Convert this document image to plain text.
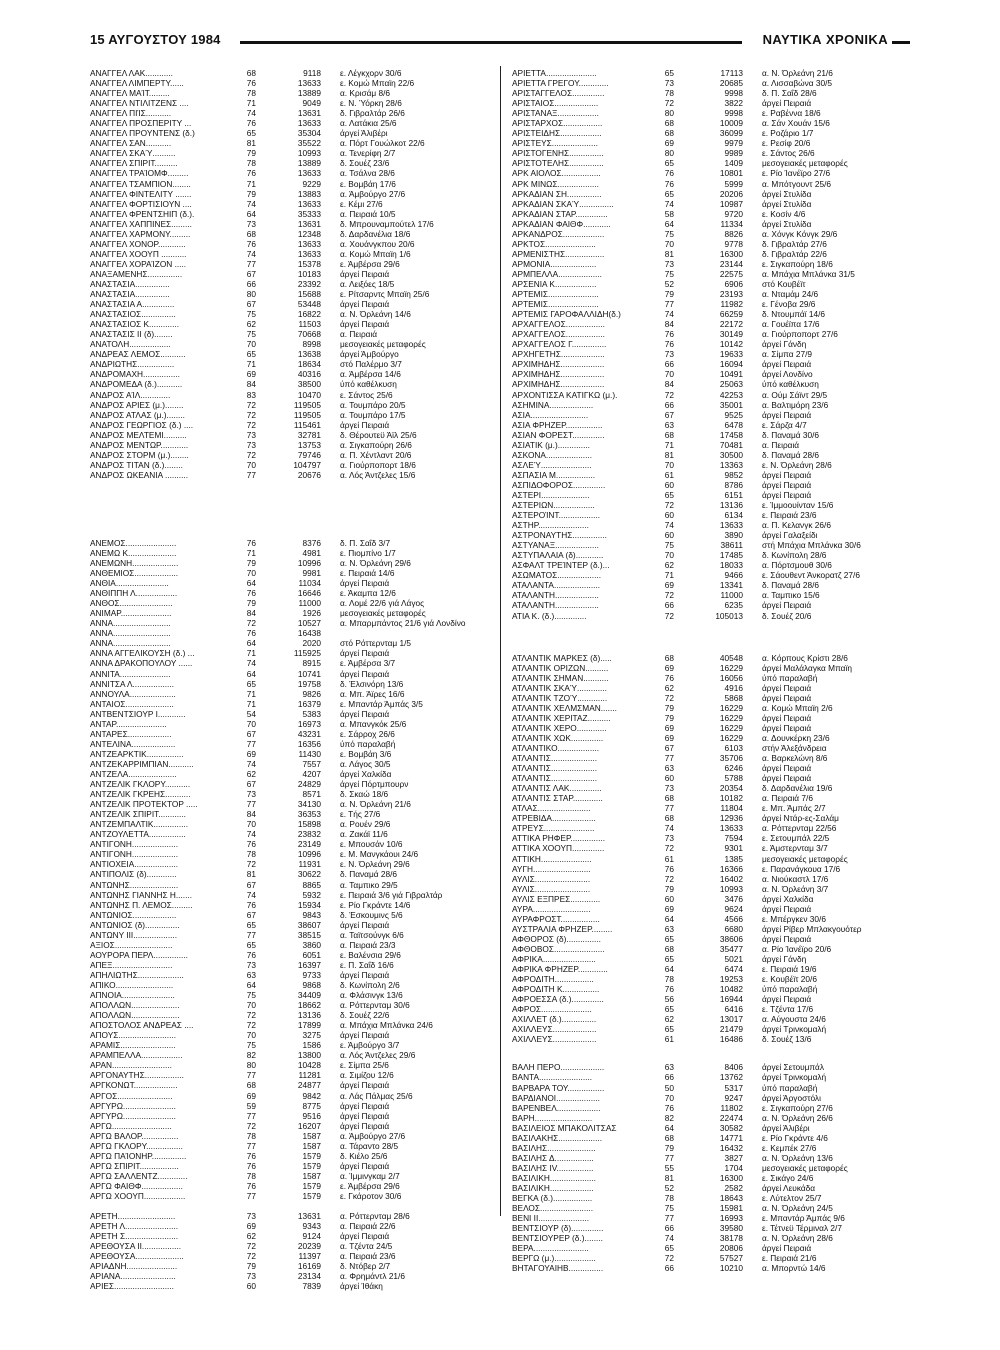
15 ΑΥΓΟΥΣΤΟΥ 1984	ΝΑΥΤΙΚΑ ΧΡΟΝΙΚΑ
ΑΝΑΓΓΕΛ ΛΑΚ............	68	9118 ε. Λέγκχορν 30/6
ΑΝΑΓΓΕΛ ΛΙΜΠΕΡΤΥ......	76	13633 ε. Κομώ Μπαϊη 22/6
ΑΝΑΓΓΕΛ ΜΑΊΤ.........	78	13889 α. Κρισάμ 8/6
ΑΝΑΓΓΕΛ ΝΤΙΛΙΤΖΕΝΣ ....	71	9049 ε. Ν. Ύόρκη 28/6
ΑΝΑΓΓΕΛ ΠΙΊΣ...........	74	13631 δ. Γιβραλτάρ 26/6
ΑΝΑΓΓΕΛ ΠΡΟΣΠΕΡΙΤΥ ...	76	13633 α. Λατάκια 25/6
ΑΝΑΓΓΕΛ ΠΡΟΥΝΤΕΝΣ (δ.)	65	35304 άργεί Άλιβέρι
ΑΝΑΓΓΕΛ ΣΑΝ...........	81	35522 α. Πόρτ Γουώλκοτ 22/6
ΑΝΑΓΓΕΛ ΣΚΑΎ..........	79	10993 α. Τενερίφη 2/7
ΑΝΑΓΓΕΛ ΣΠΙΡΙΤ..........	78	13889 δ. Σουέζ 23/6
ΑΝΑΓΓΕΛ ΤΡΑΊΟΜΦ.........	76	13633 α. Τσάλνα 28/6
ΑΝΑΓΓΕΛ ΤΣΑΜΠΙΟΝ........	71	9229 ε. Βομβάη 17/6
ΑΝΑΓΓΕΛ ΦΙΝΤΕΛΙΤΥ .......	79	13883 α. Άμβούργο 27/6
ΑΝΑΓΓΕΛ ΦΟΡΤΙΣΙΟΥΝ ....	74	13633 ε. Κέμι 27/6
ΑΝΑΓΓΕΛ ΦΡΕΝΤΣΗΙΠ (δ.).	64	35333 α. Πειραιά 10/5
ΑΝΑΓΓΕΛ ΧΑΠΠΙΝΕΣ.........	73	13631 δ. Μπρουναμπούτελ 17/6
ΑΝΑΓΓΕΛ ΧΑΡΜΟΝΥ.........	68	12348 δ. Δαρδανέλια 18/6
ΑΝΑΓΓΕΛ ΧΟΝΟΡ............	76	13633 α. Χουάνγκπου 20/6
ΑΝΑΓΓΕΛ ΧΟΟΥΠ ...........	74	13633 α. Κομώ Μπαϊη 1/6
ΑΝΑΓΓΕΛ ΧΟΡΑΊΖΟΝ .....	77	15378 ε. Άμβέρσα 29/6
ΑΝΑΞΑΜΕΝΗΣ...............	67	10183 άργεί Πειραιά
ΑΝΑΣΤΑΣΙΑ...............	66	23392 α. Λειξόες 18/5
ΑΝΑΣΤΑΣΙΑ...............	80	15688 ε. Ρίτσαρντς Μπαϊη 25/6
ΑΝΑΣΤΑΣΙΑ Α..............	67	53448 άργεί Πειραιά
ΑΝΑΣΤΑΣΙΟΣ...............	75	16822 α. Ν. Όρλεάνη 14/6
ΑΝΑΣΤΑΣΙΟΣ Κ.............	62	11503 άργεί Πειραιά
ΑΝΑΣΤΑΣΙΣ ΙΙ (δ)........	75	70668 α. Πειραιά
ΑΝΑΤΟΛΗ..................	70	8998 μεσογειακές μεταφορές
ΑΝΔΡΕΑΣ ΛΕΜΟΣ...........	65	13638 άργεί Άμβούργο
ΑΝΔΡΙΩΤΗΣ................	71	18634 στό Παλέρμο 3/7
ΑΝΔΡΟΜΑΧΗ................	69	40316 α. Άμβέρσα 14/6
ΑΝΔΡΟΜΕΔΑ (δ.)...........	84	38500 ύπό καθέλκυση
ΑΝΔΡΟΣ ΑΊΛ.............	83	10470 ε. Σάντος 25/6
ΑΝΔΡΟΣ ΑΡΙΕΣ (μ.)........	72	119505 α. Τουμπάρο 20/5
ΑΝΔΡΟΣ ΑΤΛΑΣ (μ.)........	72	119505 α. Τουμπάρο 17/5
ΑΝΔΡΟΣ ΓΕΩΡΓΙΟΣ (δ.) ....	72	115461 άργεί Πειραιά
ΑΝΔΡΟΣ ΜΕΛΤΕΜΙ..........	73	32781 δ. Θέρουτεϋ Άϊλ 25/6
ΑΝΔΡΟΣ ΜΕΝΤΩΡ............	73	13753 α. Σιγκαπούρη 26/6
ΑΝΔΡΟΣ ΣΤΟΡΜ (μ.)........	72	79746 α. Π. Χέντλαντ 20/6
ΑΝΔΡΟΣ ΤΙΤΑΝ (δ.)........	70	104797 α. Γιούρποπορτ 18/6
ΑΝΔΡΟΣ ΩΚΕΑΝΙΑ ..........	77	20676 α. Λός Άντζελες 15/6
ΑΝΕΜΟΣ......................	76	8376 δ. Π. Σαΐδ 3/7
ΑΝΕΜΩ Κ.....................	71	4981 ε. Πιομπίνο 1/7
ΑΝΕΜΩΝΗ....................	79	10996 α. Ν. Όρλεάνη 29/6
ΑΝΘΕΜΙΟΣ...................	70	9981 ε. Πειραιά 14/6
ΑΝΘΙΑ.......................	64	11034 άργεί Πειραιά
ΑΝΘΙΠΠΗ Λ..................	76	16646 ε. Άκαμπα 12/6
ΑΝΘΟΣ.......................	79	11000 α. Λομέ 22/6 γιά Λάγος
ΑΝΙΜΑΡ......................	84	1926 μεσογειακές μεταφορές
ΑΝΝΑ.........................	72	10527 α. Μπαρμπάντος 21/6 γιά Λονδίνο
ΑΝΝΑ.........................	76	16438
ΑΝΝΑ.........................	64	2020 στό Ρόττερνταμ 1/5
ΑΝΝΑ ΑΓΓΕΛΙΚΟΥΣΗ (δ.) ...	71	115925 άργεί Πειραιά
ΑΝΝΑ ΔΡΑΚΟΠΟΥΛΟΥ ......	74	8915 ε. Άμβέρσα 3/7
ΑΝΝΙΤΑ......................	64	10741 άργεί Πειραιά
ΑΝΝΙΤΣΑ Λ..................	65	19758 δ. Έλσινόρη 13/6
ΑΝΝΟΥΛΑ....................	71	9826 α. Μπ. Άϊρες 16/6
ΑΝΤΑΙΟΣ.....................	71	16379 ε. Μπαντάρ Άμπάς 3/5
ΑΝΤΒΕΝΤΣΙΟΥΡ Ι............	54	5383 άργεί Πειραιά
ΑΝΤΑΡ......................	70	16973 α. Μπανγκόκ 25/6
ΑΝΤΑΡΕΣ...................	67	43231 ε. Σάρροχ 26/6
ΑΝΤΕΛΙΝΑ...................	77	16356 ύπό παραλαβή
ΑΝΤΖΕΑΡΚΤΙΚ................	69	11430 ε. Βομβάη 3/6
ΑΝΤΖΕΚΑΡΡΙΜΠΙΑΝ...........	74	7557 α. Λάγος 30/5
ΑΝΤΖΕΛΑ.....................	62	4207 άργεί Χαλκίδα
ΑΝΤΖΕΛΙΚ ΓΚΛΟΡΥ...........	67	24829 άργεί Πόρτμπουρν
ΑΝΤΖΕΛΙΚ ΓΚΡΕΗΣ...........	73	8571 δ. Σκαώ 18/6
ΑΝΤΖΕΛΙΚ ΠΡΟΤΕΚΤΟΡ .....	77	34130 α. Ν. Όρλεάνη 21/6
ΑΝΤΖΕΛΙΚ ΣΠΙΡΙΤ............	84	36353 ε. Τής 27/6
ΑΝΤΖΕΜΠΑΛΤΙΚ...............	70	15898 α. Ρουέν 29/6
ΑΝΤΖΟΥΛΕΤΤΑ................	74	23832 α. Ζακάϊ 11/6
ΑΝΤΙΓΟΝΗ....................	76	23149 ε. Μπουσάν 10/6
ΑΝΤΙΓΟΝΗ....................	78	10996 ε. Μ. Μανγκάουι 24/6
ΑΝΤΙΟΧΕΙΑ...................	72	11931 ε. Ν. Όρλεάνη 29/6
ΑΝΤΙΠΟΛΙΣ (δ).............	81	30622 δ. Παναμά 28/6
ΑΝΤΩΝΗΣ.....................	67	8865 α. Ταμπικο 29/5
ΑΝΤΩΝΗΣ ΓΙΑΝΝΗΣ Η.......	74	5932 ε. Πειραιά 3/6 γιά Γιβραλτάρ
ΑΝΤΩΝΗΣ Π. ΛΕΜΟΣ.........	76	15934 ε. Ρίο Γκράντε 14/6
ΑΝΤΩΝΙΟΣ...................	67	9843 δ. Έσκουμινς 5/6
ΑΝΤΩΝΙΟΣ (δ)...............	65	38607 άργεί Πειραιά
ΑΝΤΩΝΥ ΙΙΙ...................	77	38515 α. Ταϊτσούνγκ 6/6
ΑΞΙΟΣ.........................	65	3860 α. Πειραιά 23/3
ΑΟΥΡΟΡΑ ΠΕΡΛ...............	76	6051 ε. Βαλένσια 29/6
ΑΠΕΞ..........................	73	16397 ε. Π. Σαΐδ 16/6
ΑΠΗΛΙΩΤΗΣ....................	63	9733 άργεί Πειραιά
ΑΠΙΚΟ.........................	64	9868 δ. Κωνίπολη 2/6
ΑΠΝΟΙΑ.......................	75	34409 α. Φλάσινγκ 13/6
ΑΠΟΛΛΩΝ.....................	70	18662 α. Ρόττερνταμ 30/6
ΑΠΟΛΛΩΝ.....................	72	13136 δ. Σουέζ 22/6
ΑΠΟΣΤΟΛΟΣ ΑΝΔΡΕΑΣ ....	72	17899 α. Μπάχια Μπλάνκα 24/6
ΑΠΟΥΣ.........................	70	3275 άργεί Πειραιά
ΑΡΑΜΙΣ........................	75	1586 ε. Άμβούργο 3/7
ΑΡΑΜΠΕΛΛΑ..................	82	13800 α. Λός Άντζελες 29/6
ΑΡΑΝ..........................	80	10428 ε. Σίμπα 25/6
ΑΡΓΟΝΑΥΤΗΣ.................	77	11281 α. Σιμίζου 12/6
ΑΡΓΚΟΝΩΤ...................	68	24877 άργεί Πειραιά
ΑΡΓΟΣ........................	69	9842 α. Λάς Πάλμας 25/6
ΑΡΓΥΡΩ.......................	59	8775 άργεί Πειραιά
ΑΡΓΥΡΩ.......................	77	9516 άργεί Πειραιά
ΑΡΓΩ..........................	72	16207 άργεί Πειραιά
ΑΡΓΩ ΒΑΛΟΡ................	78	1587 α. Άμβούργο 27/6
ΑΡΓΩ ΓΚΛΟΡΥ................	77	1587 α. Τάραντο 28/5
ΑΡΓΩ ΠΑΊΟΝΗΡ...............	76	1579 δ. Κιέλο 25/6
ΑΡΓΩ ΣΠΙΡΙΤ.................	76	1579 άργεί Πειραιά
ΑΡΓΩ ΣΑΛΛΕΝΤΖ.............	78	1587 α. Ίμμινγκαμ 2/7
ΑΡΓΩ ΦΑΙΘΦ..................	76	1579 ε. Άμβέρσα 29/6
ΑΡΓΩ ΧΟΟΥΠ..................	77	1579 ε. Γκάροτον 30/6
ΑΡΕΤΗ.........................	73	13631 α. Ρόττερνταμ 28/6
ΑΡΕΤΗ Λ.......................	69	9343 α. Πειραιά 22/6
ΑΡΕΤΗ Σ.......................	62	9124 άργεί Πειραιά
ΑΡΕΘΟΥΣΑ ΙΙ.................	72	20239 α. Τζέντα 24/5
ΑΡΕΘΟΥΣΑ.....................	72	11397 α. Πειραιά 23/6
ΑΡΙΑΔΝΗ......................	79	16169 δ. Ντόβερ 2/7
ΑΡΙΑΝΑ........................	73	23134 α. Φρημάντλ 21/6
ΑΡΙΕΣ..........................	60	7839 άργεί Ίθάκη
ΑΡΙΕΤΤΑ......................	65	17113 α. Ν. Όρλεάνη 21/6
ΑΡΙΕΤΤΑ ΓΡΕΓΟΥ.............	73	20685 α. Λισσαβώνα 30/5
ΑΡΙΣΤΑΓΓΕΛΟΣ..............	78	9998 δ. Π. Σαΐδ 28/6
ΑΡΙΣΤΑΙΟΣ...................	72	3822 άργεί Πειραιά
ΑΡΙΣΤΑΝΑΞ..................	80	9998 ε. Ραβέννα 18/6
ΑΡΙΣΤΑΡΧΟΣ.................	68	10009 α. Σάν Χουάν 15/6
ΑΡΙΣΤΕΙΔΗΣ..................	68	36099 ε. Ροζάριο 1/7
ΑΡΙΣΤΕΥΣ....................	69	9979 ε. Ρεσίφ 20/6
ΑΡΙΣΤΟΓΕΝΗΣ...............	80	9989 ε. Σάντος 26/6
ΑΡΙΣΤΟΤΕΛΗΣ...............	65	1409 μεσογειακές μεταφορές
ΑΡΚ ΑΙΟΛΟΣ.................	76	10801 ε. Ρίο Ίανέϊρο 27/6
ΑΡΚ ΜΙΝΩΣ..................	76	5999 α. Μπότγουντ 25/6
ΑΡΚΑΔΙΑΝ ΣΗ...............	65	20206 άργεί Στυλίδα
ΑΡΚΑΔΙΑΝ ΣΚΑΎ...............	74	10987 άργεί Στυλίδα
ΑΡΚΑΔΙΑΝ ΣΤΑΡ..............	58	9720 ε. Κοσίν 4/6
ΑΡΚΑΔΙΑΝ ΦΑΙΘΦ............	64	11334 άργεί Στυλίδα
ΑΡΚΑΝΔΡΟΣ..................	75	8826 α. Χόνγκ Κόνγκ 29/6
ΑΡΚΤΟΣ......................	70	9778 δ. Γιβραλτάρ 27/6
ΑΡΜΕΝΙΣΤΗΣ.................	81	16300 δ. Γιβραλτάρ 22/6
ΑΡΜΟΝΙΑ....................	73	23144 ε. Σιγκαπούρη 18/6
ΑΡΜΠΕΛΛΑ...................	75	22575 α. Μπάχια Μπλάνκα 31/5
ΑΡΣΕΝΙΑ Κ..................	52	6906 στό Κουβέϊτ
ΑΡΤΕΜΙΣ......................	79	23193 α. Νταμάμ 24/6
ΑΡΤΕΜΙΣ......................	77	11982 ε. Γένοβα 29/6
ΑΡΤΕΜΙΣ ΓΑΡΟΦΑΛΛΙΔΗ(δ.)	74	66259 δ. Ντουμπάϊ 14/6
ΑΡΧΑΓΓΕΛΟΣ.................	84	22172 α. Γουέϊπα 17/6
ΑΡΧΑΓΓΕΛΟΣ.................	76	30149 α. Γιούρποπορτ 27/6
ΑΡΧΑΓΓΕΛΟΣ Γ...............	76	10142 άργεί Γάνδη
ΑΡΧΗΓΕΤΗΣ...................	73	19633 α. Σίμπα 27/9
ΑΡΧΙΜΗΔΗΣ...................	66	16094 άργεί Πειραιά
ΑΡΧΙΜΗΔΗΣ...................	70	10491 άργεί Λονδίνο
ΑΡΧΙΜΗΔΗΣ...................	84	25063 ύπό καθέλκυση
ΑΡΧΟΝΤΙΣΣΑ ΚΑΤΙΓΚΩ (μ.).	72	42253 α. Ούμ Σάϊντ 29/5
ΑΣΗΜΙΝΑ...................	66	35001 α. Βαλτιμόρη 23/6
ΑΣΙΑ.........................	67	9525 άργεί Πειραιά
ΑΣΙΑ ΦΡΗΖΕΡ................	63	6478 ε. Σάρζα 4/7
ΑΣΙΑΝ ΦΟΡΕΣΤ..............	68	17458 δ. Παναμά 30/6
ΑΣΙΑΤΙΚ (μ.)..............	71	70481 α. Πειραιά
ΑΣΚΟΝΑ....................	81	30500 δ. Παναμά 28/6
ΑΣΛΕΎ......................	70	13363 ε. Ν. Όρλεάνη 28/6
ΑΣΠΑΣΙΑ Μ.................	61	9852 άργεί Πειραιά
ΑΣΠΙΔΟΦΟΡΟΣ..............	60	8786 άργεί Πειραιά
ΑΣΤΕΡΙ.....................	65	6151 άργεί Πειραιά
ΑΣΤΕΡΙΩΝ..................	72	13136 ε. Ίμμοουίνταν 15/6
ΑΣΤΕΡΟΊΝΤ..................	60	6134 ε. Πειραιά 23/6
ΑΣΤΗΡ......................	74	13633 α. Π. Κελανγκ 26/6
ΑΣΤΡΟΝΑΥΤΗΣ...............	60	3890 άργεί Γαλαξείδι
ΑΣΤΥΑΝΑΞ...................	75	38611 στή Μπάχια Μπλάνκα 30/6
ΑΣΤΥΠΑΛΑΙΑ (δ)............	70	17485 δ. Κωνίπολη 28/6
ΑΣΦΑΛΤ ΤΡΕΊΝΤΕΡ (δ.)...	62	18033 α. Πόρτσμουθ 30/6
ΑΣΩΜΑΤΟΣ...................	71	9466 ε. Σάουθεντ Άνκορατζ 27/6
ΑΤΑΛΑΝΤΑ....................	69	13341 δ. Παναμά 28/6
ΑΤΑΛΑΝΤΗ...................	72	11000 α. Ταμπικο 15/6
ΑΤΑΛΑΝΤΗ...................	66	6235 άργεί Πειραιά
ΑΤΙΑ Κ. (δ.)..............	72	105013 δ. Σουέζ 20/6
ΑΤΛΑΝΤΙΚ ΜΑΡΚΕΣ (δ).....	68	40548 α. Κόρπους Κρίστι 28/6
ΑΤΛΑΝΤΙΚ ΟΡΙΖΩΝ..........	69	16229 άργεί Μαλάλαγκα Μπαϊη
ΑΤΛΑΝΤΙΚ ΣΗΜΑΝ...........	76	16056 ύπό παραλαβή
ΑΤΛΑΝΤΙΚ ΣΚΑΎ.............	62	4916 άργεί Πειραιά
ΑΤΛΑΝΤΙΚ ΤΖΟΎ.............	72	5868 άργεί Πειραιά
ΑΤΛΑΝΤΙΚ ΧΕΛΜΣΜΑΝ.......	79	16229 α. Κομώ Μπαϊη 2/6
ΑΤΛΑΝΤΙΚ ΧΕΡΙΤΑΖ..........	79	16229 άργεί Πειραιά
ΑΤΛΑΝΤΙΚ ΧΕΡΟ.............	69	16229 άργεί Πειραιά
ΑΤΛΑΝΤΙΚ ΧΩΚ..............	69	16229 α. Δουνκέρκη 23/6
ΑΤΛΑΝΤΙΚΟ..................	67	6103 στήν Άλεξάνδρεια
ΑΤΛΑΝΤΙΣ....................	77	35706 α. Βαρκελώνη 8/6
ΑΤΛΑΝΤΙΣ....................	63	6246 άργεί Πειραιά
ΑΤΛΑΝΤΙΣ....................	60	5788 άργεί Πειραιά
ΑΤΛΑΝΤΙΣ ΛΑΚ..............	73	20354 δ. Δαρδανέλια 19/6
ΑΤΛΑΝΤΙΣ ΣΤΑΡ.............	68	10182 α. Πειραιά 7/6
ΑΤΛΑΣ.......................	77	11804 ε. Μπ. Άμπάς 2/7
ΑΤΡΕΒΙΔΑ...................	68	12936 άργεί Ντάρ-ες-Σαλάμ
ΑΤΡΕΥΣ......................	74	13633 α. Ρόττερνταμ 22/56
ΑΤΤΙΚΑ ΡΗΦΕΡ...............	73	7594 ε. Σετουμπάλ 22/5
ΑΤΤΙΚΑ ΧΟΟΥΠ..............	72	9301 ε. Άμστερνταμ 3/7
ΑΤΤΙΚΗ......................	61	1385 μεσογειακές μεταφορές
ΑΥΓΗ.........................	76	16366 ε. Παρανάγκουα 17/6
ΑΥΛΙΣ........................	72	16402 α. Νιούκαστλ 17/6
ΑΥΛΙΣ........................	79	10993 α. Ν. Όρλεάνη 3/7
ΑΥΛΙΣ ΕΞΠΡΕΣ.............	60	3476 άργεί Χαλκίδα
ΑΥΡΑ.........................	69	9624 άργεί Πειραιά
ΑΥΡΑΦΡΟΣΤ.................	64	4566 ε. Μπέργκεν 30/6
ΑΥΣΤΡΑΛΙΑ ΦΡΗΖΕΡ.........	63	6680 άργεί Ρίβερ Μπλακγουότερ
ΑΦΘΟΡΟΣ (δ)...............	65	38606 άργεί Πειραιά
ΑΦΘΟΒΟΣ......................	68	35477 α. Ρίο Ίανέϊρο 20/6
ΑΦΡΙΚΑ.......................	65	5021 άργεί Γάνδη
ΑΦΡΙΚΑ ΦΡΗΖΕΡ.............	64	6474 ε. Πειραιά 19/6
ΑΦΡΟΔΙΤΗ.................	78	19253 ε. Κουβέϊτ 20/6
ΑΦΡΟΔΙΤΗ Κ................	76	10482 ύπό παραλαβή
ΑΦΡΟΕΣΣΑ (δ.)..............	56	16944 άργεί Πειραιά
ΑΦΡΟΣ......................	65	6416 ε. Τζέντα 17/6
ΑΧΙΛΛΕΤ (δ.)...............	62	13017 α. Αύγουστα 24/6
ΑΧΙΛΛΕΥΣ...................	65	21479 άργεί Τρινκομαλή
ΑΧΙΛΛΕΥΣ...................	61	16486 δ. Σουέζ 13/6
ΒΑΛΗ ΠΕΡΟ...................	63	8406 άργεί Σετουμπάλ
ΒΑΝΤΑ.......................	66	13762 άργεί Τρινκομαλή
ΒΑΡΒΑΡΑ ΤΟΥ................	50	5317 ύπό παραλαβή
ΒΑΡΔΙΑΝΟΙ...................	70	9247 άργεί Άργοστόλι
ΒΑΡΕΝΒΕΛ...................	76	11802 ε. Σιγκαπούρη 27/6
ΒΑΡΗ.........................	82	22474 α. Ν. Όρλεάνη 26/6
ΒΑΣΙΛΕΙΟΣ ΜΠΑΚΟΛΙΤΣΑΣ	64	30582 άργεί Άλιβέρι
ΒΑΣΙΛΑΚΗΣ...................	68	14771 ε. Ρίο Γκράντε 4/6
ΒΑΣΙΛΗΣ.....................	79	16432 ε. Κεμπέκ 27/6
ΒΑΣΙΛΗΣ Δ.................	77	3827 α. Ν. Όρλεάνη 13/6
ΒΑΣΙΛΗΣ IV................	55	1704 μεσογειακές μεταφορές
ΒΑΣΙΛΙΚΗ....................	81	16300 ε. Σικάγο 24/6
ΒΑΣΙΛΙΚΗ...................	52	2582 άργεί Λευκάδα
ΒΕΓΚΑ (δ.).................	78	18643 ε. Λύτελτον 25/7
ΒΕΛΟΣ.......................	75	15981 α. Ν. Όρλεάνη 24/5
ΒΕΝΙ ΙΙ......................	77	16993 ε. Μπαντάρ Άμπάς 9/6
ΒΕΝΤΣΙΟΥΡ (δ)..............	66	39580 ε. Τέτνεϋ Τέρμιναλ 2/7
ΒΕΝΤΣΙΟΥΡΕΡ (δ.)........	74	38178 α. Ν. Όρλεάνη 28/6
ΒΕΡΑ........................	65	20806 άργεί Πειραιά
ΒΕΡΓΩ (μ.)..................	72	57527 ε. Πειραιά 21/6
ΒΗΤΑΓΟΥΑΙΗΒ...............	66	10210 α. Μπορντώ 14/6
